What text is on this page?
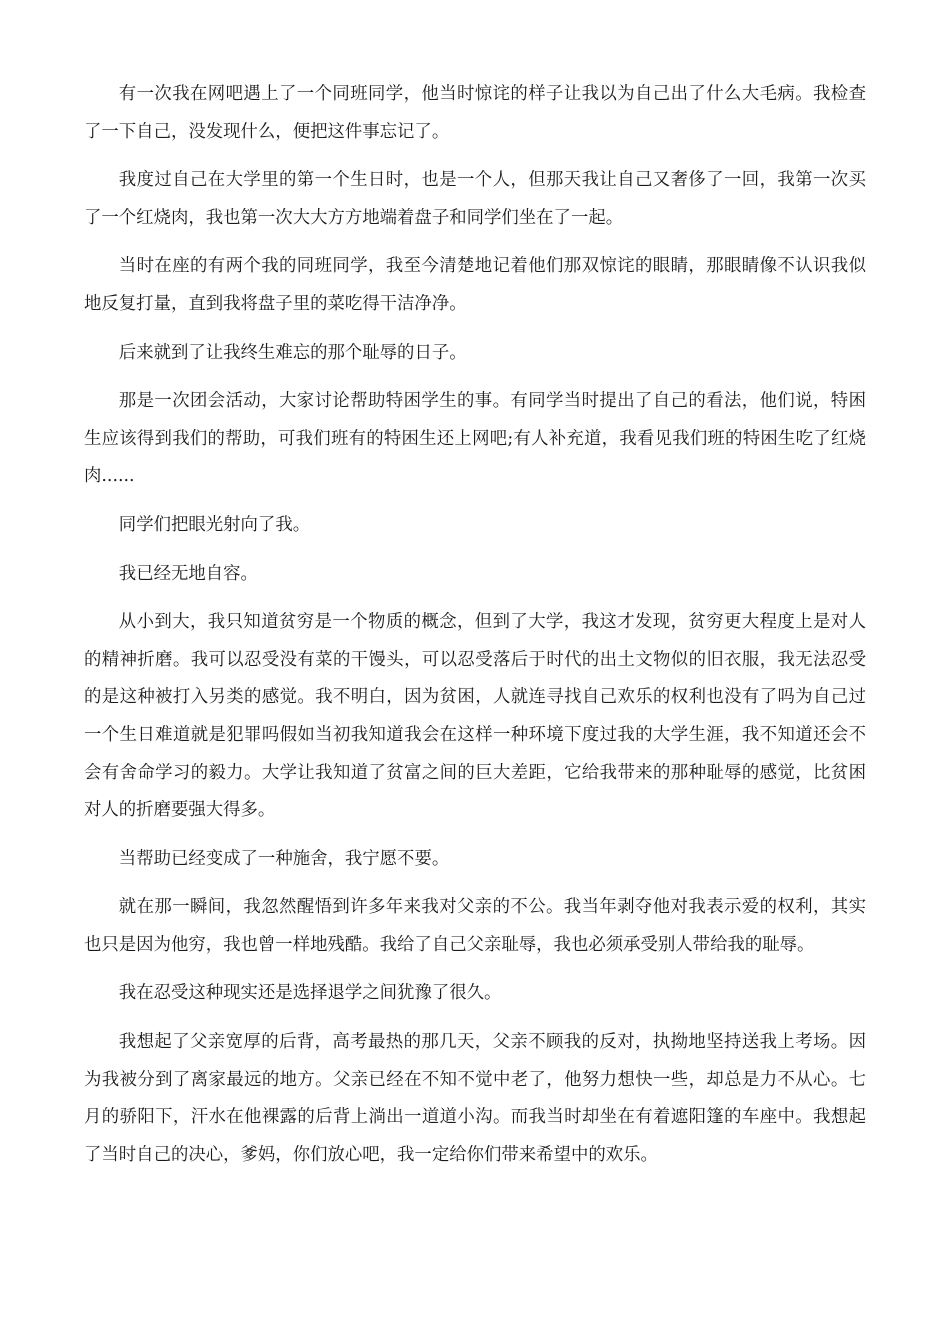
有一次我在网吧遇上了一个同班同学，他当时惊诧的样子让我以为自己出了什么大毛病。我检查了一下自己，没发现什么，便把这件事忘记了。

我度过自己在大学里的第一个生日时，也是一个人，但那天我让自己又奢侈了一回，我第一次买了一个红烧肉，我也第一次大大方方地端着盘子和同学们坐在了一起。

当时在座的有两个我的同班同学，我至今清楚地记着他们那双惊诧的眼睛，那眼睛像不认识我似地反复打量，直到我将盘子里的菜吃得干洁净净。

后来就到了让我终生难忘的那个耻辱的日子。

那是一次团会活动，大家讨论帮助特困学生的事。有同学当时提出了自己的看法，他们说，特困生应该得到我们的帮助，可我们班有的特困生还上网吧;有人补充道，我看见我们班的特困生吃了红烧肉......

同学们把眼光射向了我。

我已经无地自容。

从小到大，我只知道贫穷是一个物质的概念，但到了大学，我这才发现，贫穷更大程度上是对人的精神折磨。我可以忍受没有菜的干馒头，可以忍受落后于时代的出土文物似的旧衣服，我无法忍受的是这种被打入另类的感觉。我不明白，因为贫困，人就连寻找自己欢乐的权利也没有了吗为自己过一个生日难道就是犯罪吗假如当初我知道我会在这样一种环境下度过我的大学生涯，我不知道还会不会有舍命学习的毅力。大学让我知道了贫富之间的巨大差距，它给我带来的那种耻辱的感觉，比贫困对人的折磨要强大得多。

当帮助已经变成了一种施舍，我宁愿不要。

就在那一瞬间，我忽然醒悟到许多年来我对父亲的不公。我当年剥夺他对我表示爱的权利，其实也只是因为他穷，我也曾一样地残酷。我给了自己父亲耻辱，我也必须承受别人带给我的耻辱。

我在忍受这种现实还是选择退学之间犹豫了很久。

我想起了父亲宽厚的后背，高考最热的那几天，父亲不顾我的反对，执拗地坚持送我上考场。因为我被分到了离家最远的地方。父亲已经在不知不觉中老了，他努力想快一些，却总是力不从心。七月的骄阳下，汗水在他裸露的后背上淌出一道道小沟。而我当时却坐在有着遮阳篷的车座中。我想起了当时自己的决心，爹妈，你们放心吧，我一定给你们带来希望中的欢乐。
